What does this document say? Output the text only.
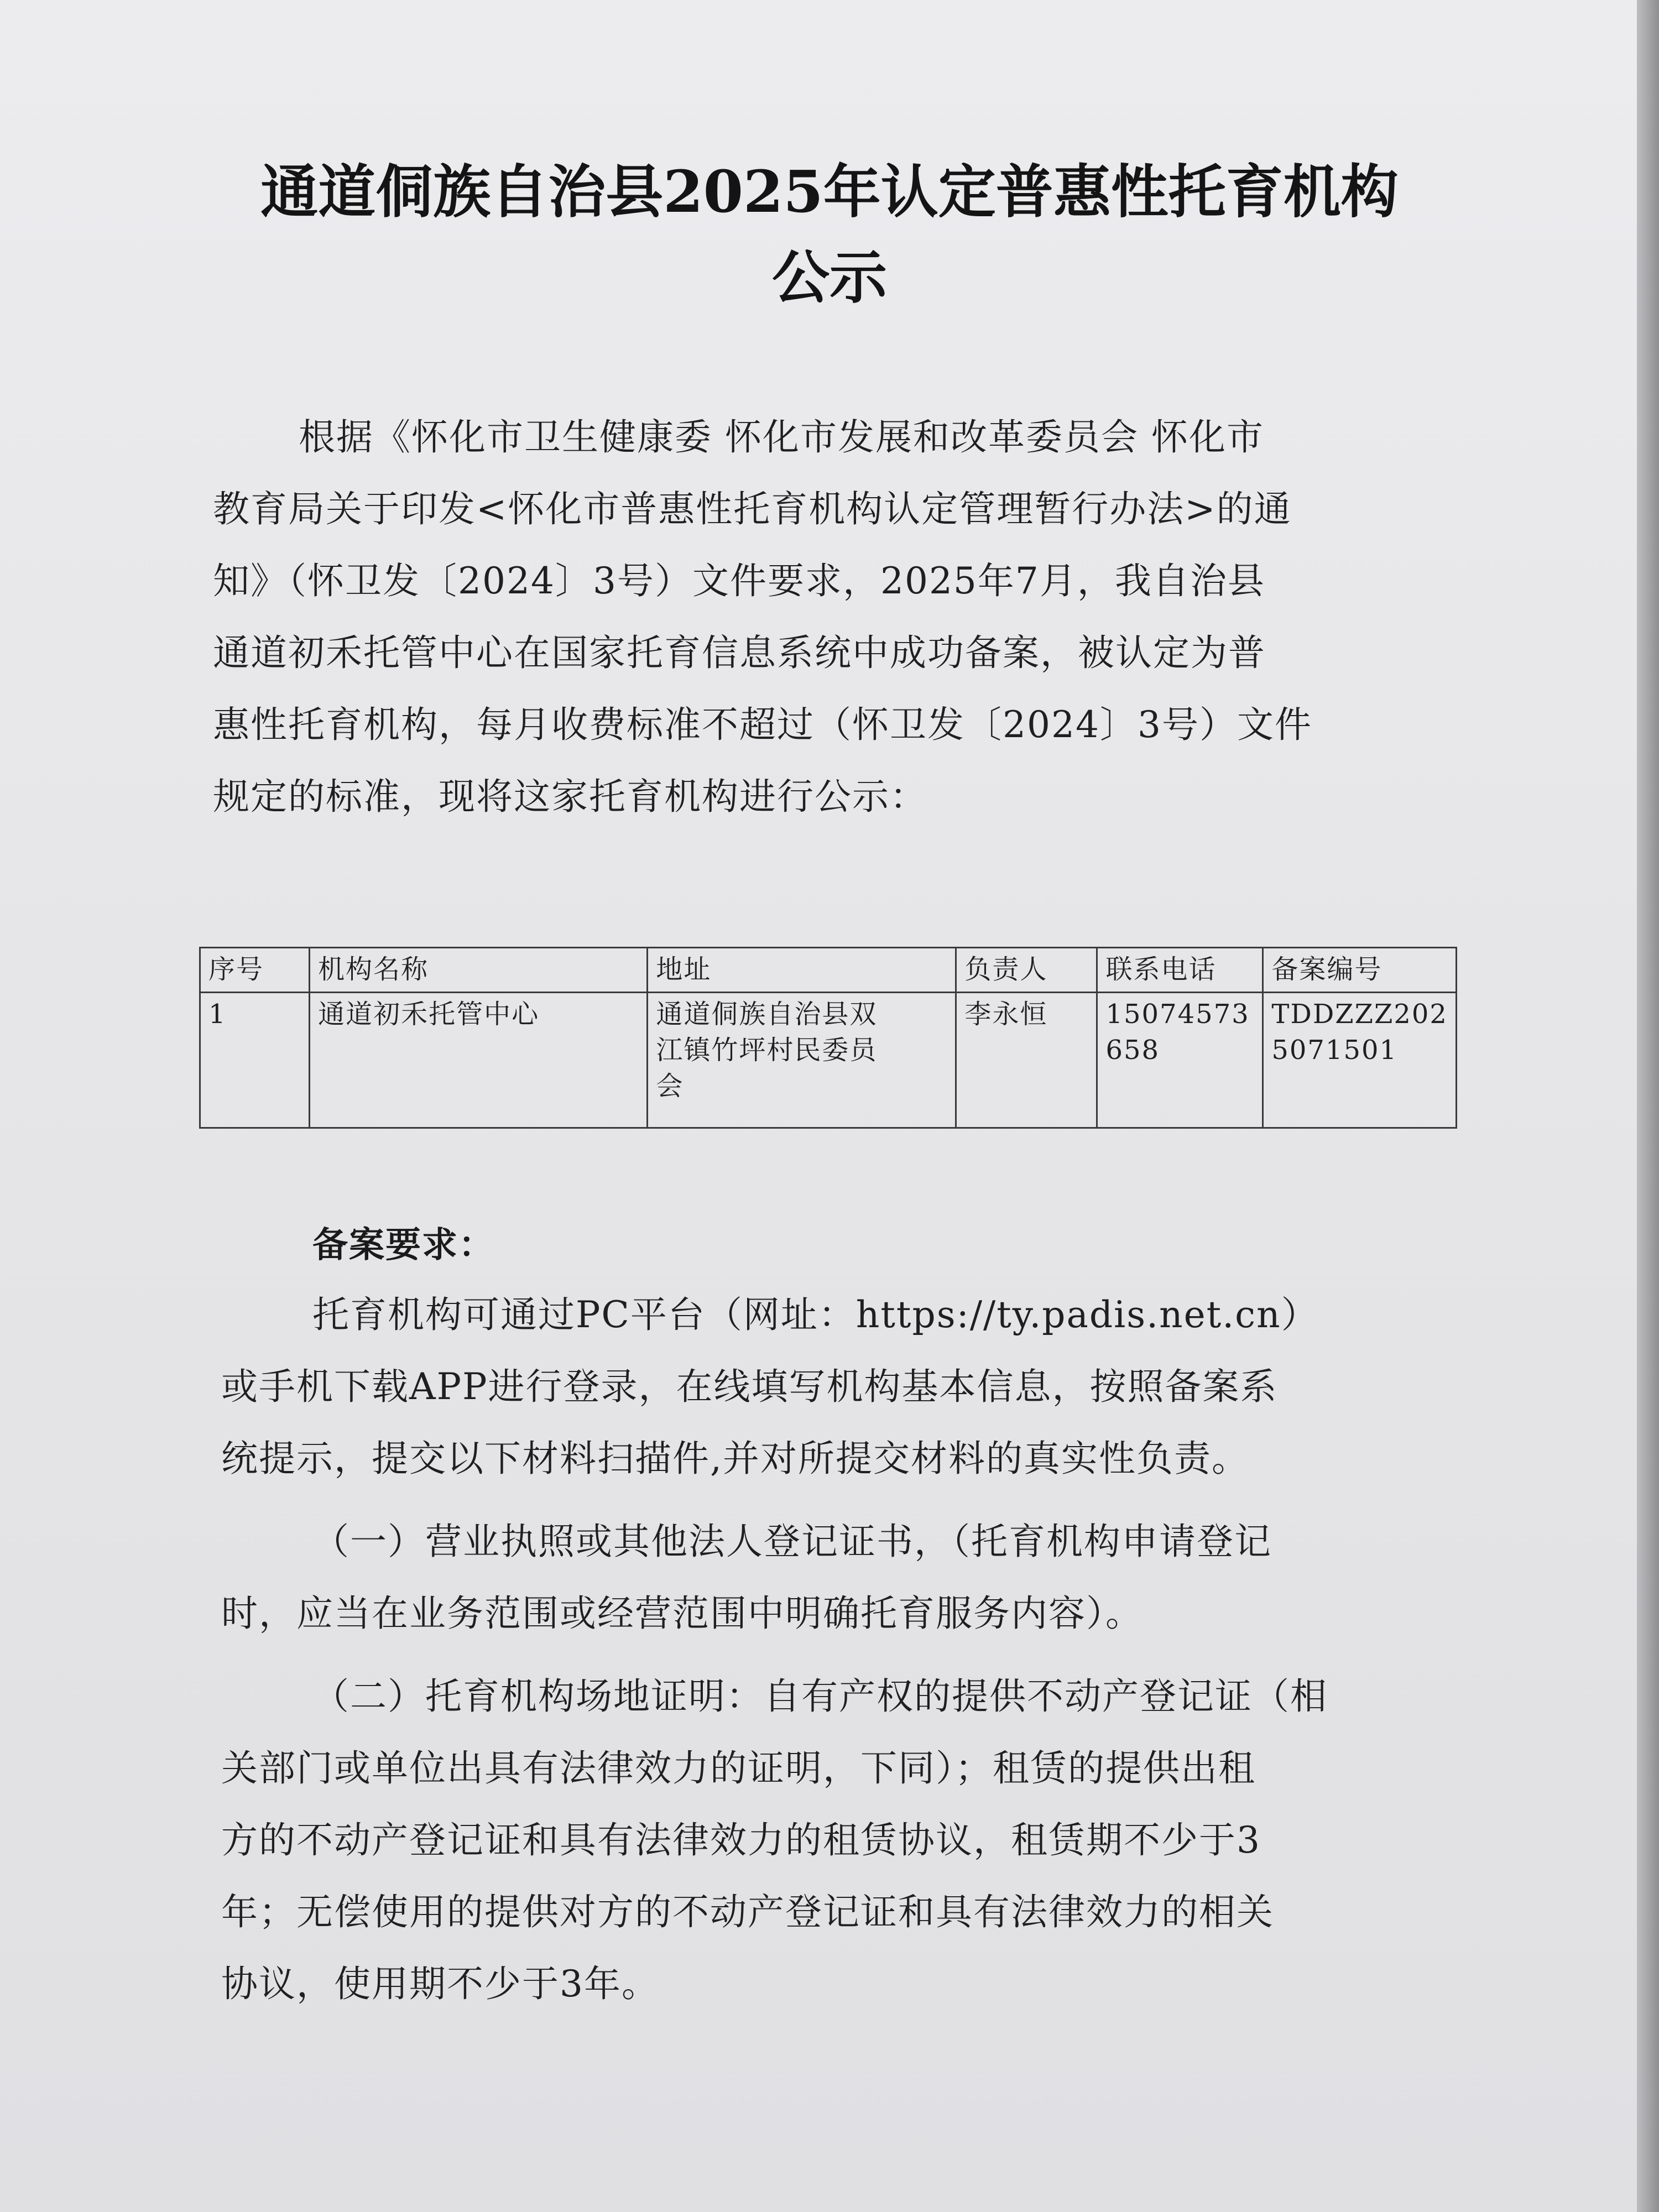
通道侗族自治县2025年认定普惠性托育机构
公示
根据《怀化市卫生健康委 怀化市发展和改革委员会 怀化市
教育局关于印发<怀化市普惠性托育机构认定管理暂行办法>的通
知》（怀卫发〔2024〕3号）文件要求，2025年7月，我自治县
通道初禾托管中心在国家托育信息系统中成功备案，被认定为普
惠性托育机构，每月收费标准不超过（怀卫发〔2024〕3号）文件
规定的标准，现将这家托育机构进行公示：
序号	机构名称	地址	负责人	联系电话	备案编号
1	通道初禾托管中心	通道侗族自治县双
江镇竹坪村民委员
会	李永恒	15074573
658	TDDZZZ202
5071501
备案要求：
托育机构可通过PC平台（网址：https://ty.padis.net.cn）
或手机下载APP进行登录，在线填写机构基本信息，按照备案系
统提示，提交以下材料扫描件,并对所提交材料的真实性负责。
（一）营业执照或其他法人登记证书，（托育机构申请登记
时，应当在业务范围或经营范围中明确托育服务内容）。
（二）托育机构场地证明：自有产权的提供不动产登记证（相
关部门或单位出具有法律效力的证明，下同）；租赁的提供出租
方的不动产登记证和具有法律效力的租赁协议，租赁期不少于3
年；无偿使用的提供对方的不动产登记证和具有法律效力的相关
协议，使用期不少于3年。
